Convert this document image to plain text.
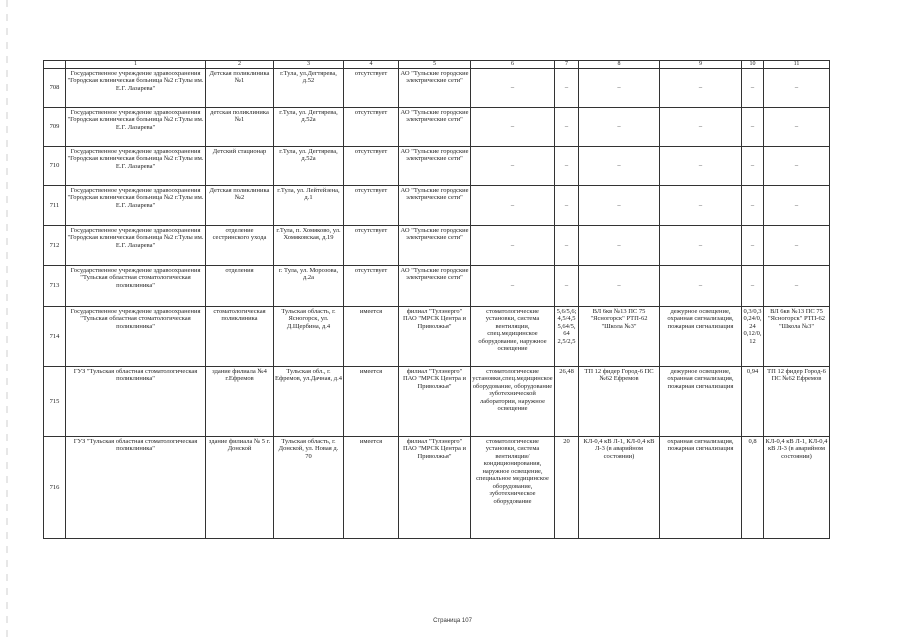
	1	2	3	4	5	6	7	8	9	10	11
708	Государственное учреждение здравоохранения "Городская клиническая больница №2 г.Тулы им. Е.Г. Лазарева"	Детская поликлиника №1	г.Тула, ул.Дегтярева, д.52	отсутствует	АО "Тульские городские электрические сети"	–	–	–	–	–	–
709	Государственное учреждение здравоохранения "Городская клиническая больница №2 г.Тулы им. Е.Г. Лазарева"	детская поликлиника №1	г.Тула, ул. Дегтярева, д.52а	отсутствует	АО "Тульские городские электрические сети"	–	–	–	–	–	–
710	Государственное учреждение здравоохранения "Городская клиническая больница №2 г.Тулы им. Е.Г. Лазарева"	Детский стационар	г.Тула, ул. Дегтярева, д.52а	отсутствует	АО "Тульские городские электрические сети"	–	–	–	–	–	–
711	Государственное учреждение здравоохранения "Городская клиническая больница №2 г.Тулы им. Е.Г. Лазарева"	Детская поликлиника №2	г.Тула, ул. Лейтейзена, д.1	отсутствует	АО "Тульские городские электрические сети"	–	–	–	–	–	–
712	Государственное учреждение здравоохранения "Городская клиническая больница №2 г.Тулы им. Е.Г. Лазарева"	отделение сестринского ухода	г.Тула, п. Хомяково, ул. Хомяковская, д.19	отсутствует	АО "Тульские городские электрические сети"	–	–	–	–	–	–
713	Государственное учреждение здравоохранения "Тульская областная стоматологическая поликлиника"	отделения	г. Тула, ул. Морозова, д.2а	отсутствует	АО "Тульские городские электрические сети"	–	–	–	–	–	–
714	Государственное учреждение здравоохранения "Тульская областная стоматологическая поликлиника"	стоматологическая поликлиника	Тульская область, г. Ясногорск, ул. Д.Щербина, д.4	имеется	филиал "Тулэнерго" ПАО "МРСК Центра и Приволжья"	стоматологические установки, система вентиляции, спец.медицинское оборудование, наружное освещение	5,6/5,6; 4,5/4,5 5,64/5,64 2,5/2,5	ВЛ 6кв №13 ПС 75 "Ясногорск" РТП-62 "Школа №3"	дежурное освещение, охранная сигнализация, пожарная сигнализация	0,3/0,3 0,24/0,24 0,12/0,12	ВЛ 6кв №13 ПС 75 "Ясногорск" РТП-62 "Школа №3"
715	ГУЗ "Тульская областная стоматологическая поликлиника"	здание филиала №4 г.Ефремов	Тульская обл., г. Ефремов, ул.Дачная, д.4	имеется	филиал "Тулэнерго" ПАО "МРСК Центра и Приволжья"	стоматологические установки,спец.медицинское оборудование, оборудование зуботехнической лаборатории, наружное освещение	26,48	ТП 12 фидер Город-6 ПС №62 Ефремов	дежурное освещение, охранная сигнализация, пожарная сигнализация	0,94	ТП 12 фидер Город-6 ПС №62 Ефремов
716	ГУЗ "Тульская областная стоматологическая поликлиника"	здание филиала № 5 г. Донской	Тульская область, г. Донской, ул. Новая д. 70	имеется	филиал "Тулэнерго" ПАО "МРСК Центра и Приволжья"	стоматологические установки, система вентиляции/кондиционирования, наружное освещение, специальное медицинское оборудование, зуботехническое оборудование	20	КЛ-0,4 кВ Л-1, КЛ-0,4 кВ Л-3 (в аварийном состоянии)	охранная сигнализация, пожарная сигнализация	0,8	КЛ-0,4 кВ Л-1, КЛ-0,4 кВ Л-3 (в аварийном состоянии)
Страница 107
